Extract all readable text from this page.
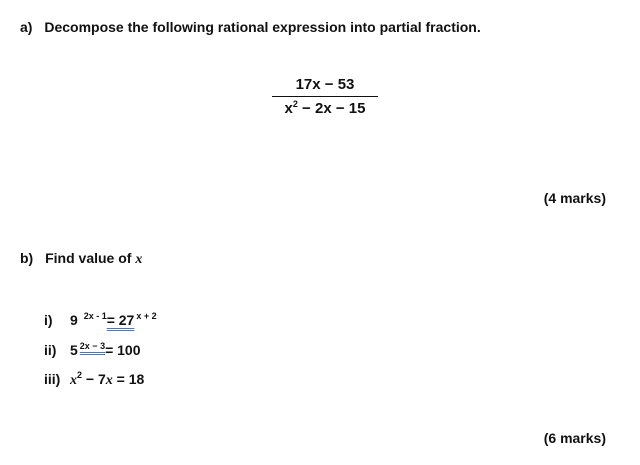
a) Decompose the following rational expression into partial fraction.
17x − 53
$x^2 - 2x - 15$
(4 marks)
b) Find value of x
i) 9 $^{2x - 1}$= 27 $^{x + 2}$
ii) 5 $^{2x - 3}$= 100
iii) $x^2 - 7x = 18$
(6 marks)
